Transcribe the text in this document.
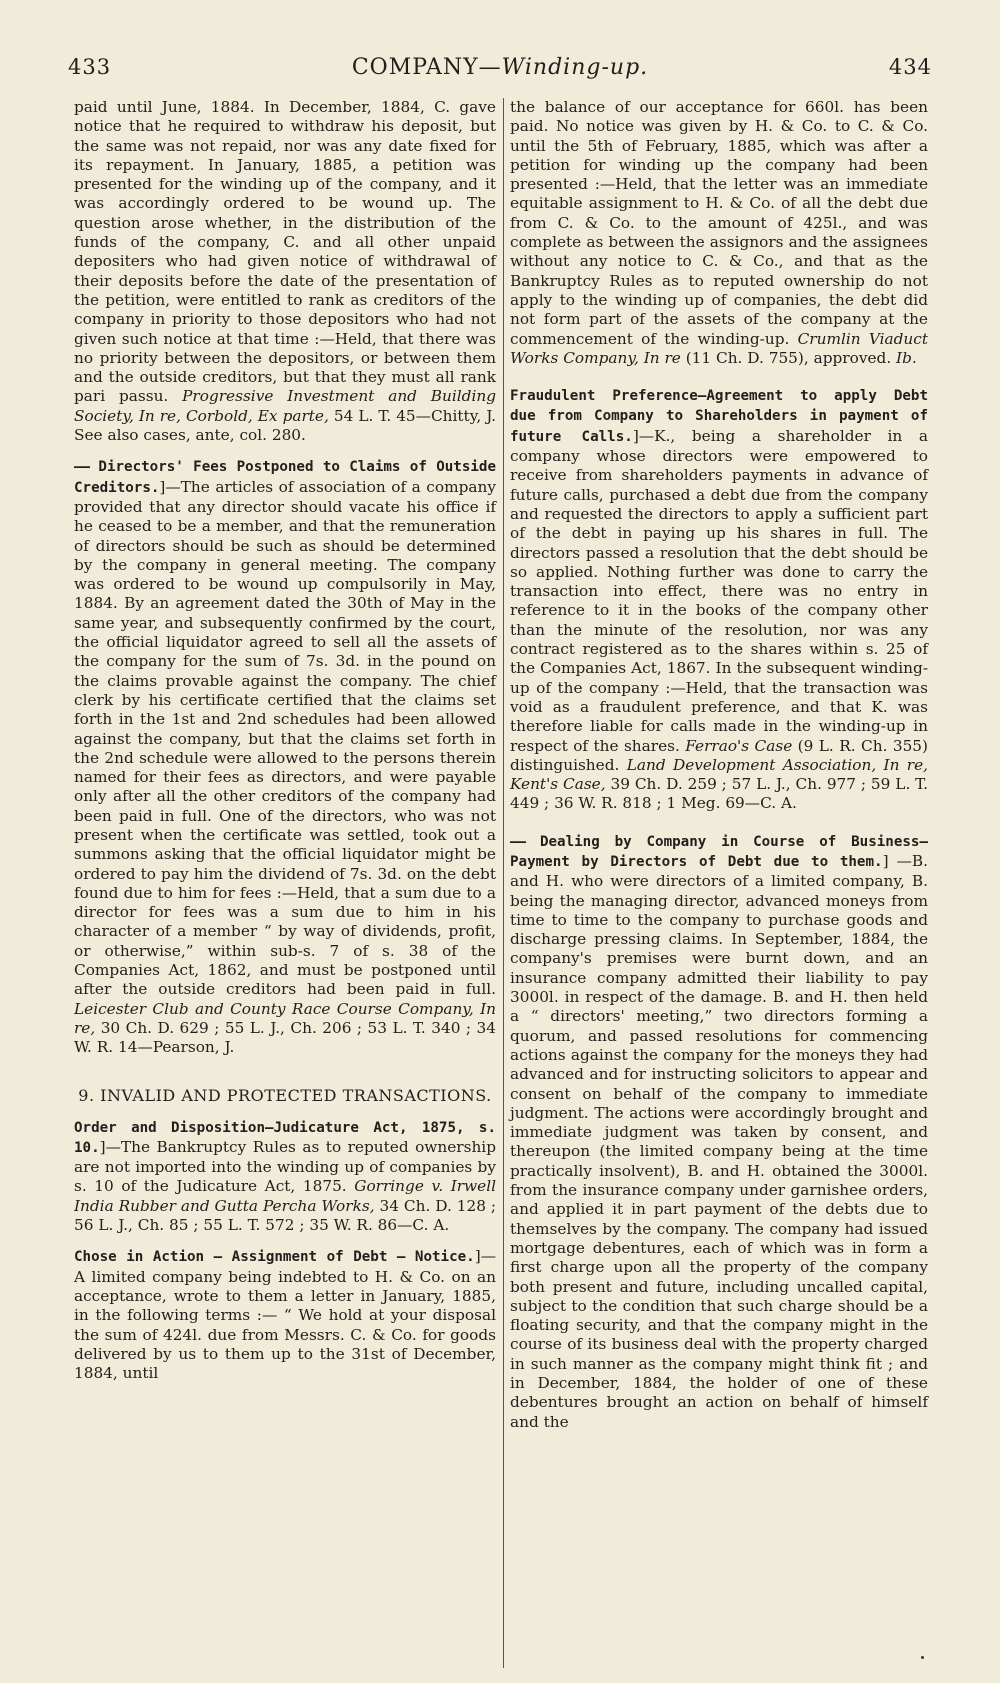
433	COMPANY—Winding-up.	434

paid until June, 1884. In December, 1884, C. gave notice that he required to withdraw his deposit, but the same was not repaid, nor was any date fixed for its repayment. In January, 1885, a petition was presented for the winding up of the company, and it was accordingly ordered to be wound up. The question arose whether, in the distribution of the funds of the company, C. and all other unpaid depositers who had given notice of withdrawal of their deposits before the date of the presentation of the petition, were entitled to rank as creditors of the company in priority to those depositors who had not given such notice at that time :—Held, that there was no priority between the depositors, or between them and the outside creditors, but that they must all rank pari passu. Progressive Investment and Building Society, In re, Corbold, Ex parte, 54 L. T. 45—Chitty, J. See also cases, ante, col. 280.

—— Directors' Fees Postponed to Claims of Outside Creditors.]—The articles of association of a company provided that any director should vacate his office if he ceased to be a member, and that the remuneration of directors should be such as should be determined by the company in general meeting. The company was ordered to be wound up compulsorily in May, 1884. By an agreement dated the 30th of May in the same year, and subsequently confirmed by the court, the official liquidator agreed to sell all the assets of the company for the sum of 7s. 3d. in the pound on the claims provable against the company. The chief clerk by his certificate certified that the claims set forth in the 1st and 2nd schedules had been allowed against the company, but that the claims set forth in the 2nd schedule were allowed to the persons therein named for their fees as directors, and were payable only after all the other creditors of the company had been paid in full. One of the directors, who was not present when the certificate was settled, took out a summons asking that the official liquidator might be ordered to pay him the dividend of 7s. 3d. on the debt found due to him for fees :—Held, that a sum due to a director for fees was a sum due to him in his character of a member “ by way of dividends, profit, or otherwise,” within sub-s. 7 of s. 38 of the Companies Act, 1862, and must be postponed until after the outside creditors had been paid in full. Leicester Club and County Race Course Company, In re, 30 Ch. D. 629 ; 55 L. J., Ch. 206 ; 53 L. T. 340 ; 34 W. R. 14—Pearson, J.

9. INVALID AND PROTECTED TRANSACTIONS.

Order and Disposition—Judicature Act, 1875, s. 10.]—The Bankruptcy Rules as to reputed ownership are not imported into the winding up of companies by s. 10 of the Judicature Act, 1875. Gorringe v. Irwell India Rubber and Gutta Percha Works, 34 Ch. D. 128 ; 56 L. J., Ch. 85 ; 55 L. T. 572 ; 35 W. R. 86—C. A.

Chose in Action — Assignment of Debt — Notice.]—A limited company being indebted to H. & Co. on an acceptance, wrote to them a letter in January, 1885, in the following terms :— “ We hold at your disposal the sum of 424l. due from Messrs. C. & Co. for goods delivered by us to them up to the 31st of December, 1884, until

the balance of our acceptance for 660l. has been paid. No notice was given by H. & Co. to C. & Co. until the 5th of February, 1885, which was after a petition for winding up the company had been presented :—Held, that the letter was an immediate equitable assignment to H. & Co. of all the debt due from C. & Co. to the amount of 425l., and was complete as between the assignors and the assignees without any notice to C. & Co., and that as the Bankruptcy Rules as to reputed ownership do not apply to the winding up of companies, the debt did not form part of the assets of the company at the commencement of the winding-up. Crumlin Viaduct Works Company, In re (11 Ch. D. 755), approved. Ib.

Fraudulent Preference—Agreement to apply Debt due from Company to Shareholders in payment of future Calls.]—K., being a shareholder in a company whose directors were empowered to receive from shareholders payments in advance of future calls, purchased a debt due from the company and requested the directors to apply a sufficient part of the debt in paying up his shares in full. The directors passed a resolution that the debt should be so applied. Nothing further was done to carry the transaction into effect, there was no entry in reference to it in the books of the company other than the minute of the resolution, nor was any contract registered as to the shares within s. 25 of the Companies Act, 1867. In the subsequent winding-up of the company :—Held, that the transaction was void as a fraudulent preference, and that K. was therefore liable for calls made in the winding-up in respect of the shares. Ferrao's Case (9 L. R. Ch. 355) distinguished. Land Development Association, In re, Kent's Case, 39 Ch. D. 259 ; 57 L. J., Ch. 977 ; 59 L. T. 449 ; 36 W. R. 818 ; 1 Meg. 69—C. A.

—— Dealing by Company in Course of Business—Payment by Directors of Debt due to them.] —B. and H. who were directors of a limited company, B. being the managing director, advanced moneys from time to time to the company to purchase goods and discharge pressing claims. In September, 1884, the company's premises were burnt down, and an insurance company admitted their liability to pay 3000l. in respect of the damage. B. and H. then held a “ directors' meeting,” two directors forming a quorum, and passed resolutions for commencing actions against the company for the moneys they had advanced and for instructing solicitors to appear and consent on behalf of the company to immediate judgment. The actions were accordingly brought and immediate judgment was taken by consent, and thereupon (the limited company being at the time practically insolvent), B. and H. obtained the 3000l. from the insurance company under garnishee orders, and applied it in part payment of the debts due to themselves by the company. The company had issued mortgage debentures, each of which was in form a first charge upon all the property of the company both present and future, including uncalled capital, subject to the condition that such charge should be a floating security, and that the company might in the course of its business deal with the property charged in such manner as the company might think fit ; and in December, 1884, the holder of one of these debentures brought an action on behalf of himself and the
